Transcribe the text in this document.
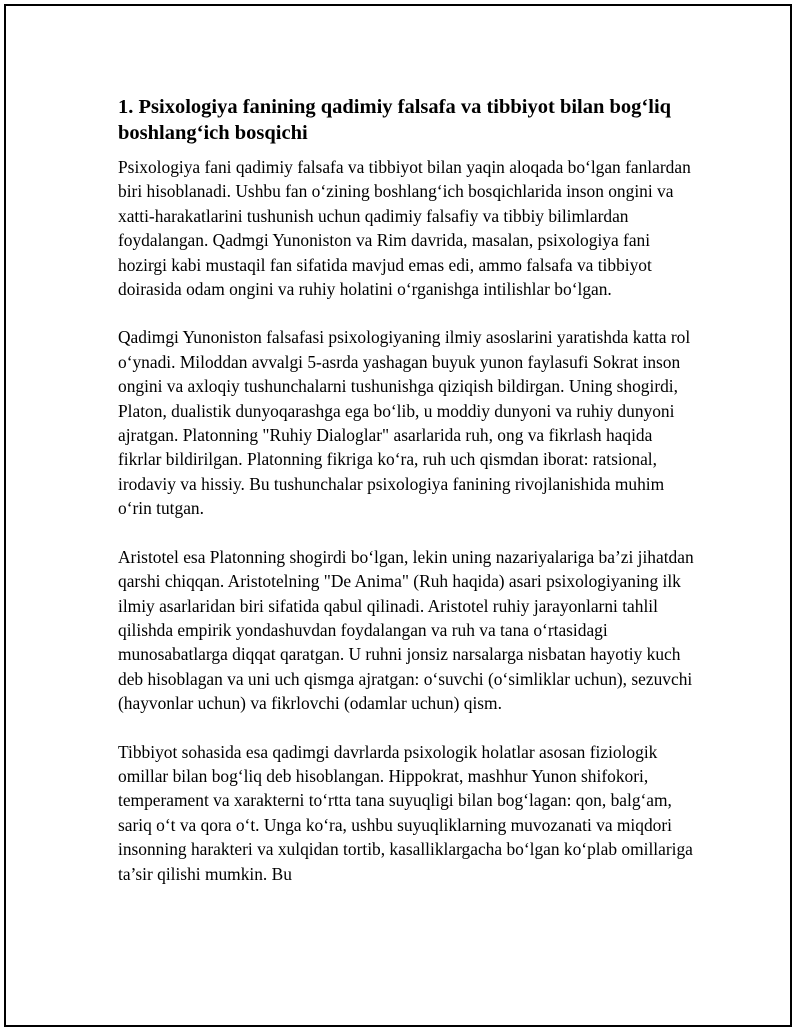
1. Psixologiya fanining qadimiy falsafa va tibbiyot bilan bog‘liq boshlang‘ich bosqichi

Psixologiya fani qadimiy falsafa va tibbiyot bilan yaqin aloqada bo‘lgan fanlardan biri hisoblanadi. Ushbu fan o‘zining boshlang‘ich bosqichlarida inson ongini va xatti-harakatlarini tushunish uchun qadimiy falsafiy va tibbiy bilimlardan foydalangan. Qadmgi Yunoniston va Rim davrida, masalan, psixologiya fani hozirgi kabi mustaqil fan sifatida mavjud emas edi, ammo falsafa va tibbiyot doirasida odam ongini va ruhiy holatini o‘rganishga intilishlar bo‘lgan.

Qadimgi Yunoniston falsafasi psixologiyaning ilmiy asoslarini yaratishda katta rol o‘ynadi. Miloddan avvalgi 5-asrda yashagan buyuk yunon faylasufi Sokrat inson ongini va axloqiy tushunchalarni tushunishga qiziqish bildirgan. Uning shogirdi, Platon, dualistik dunyoqarashga ega bo‘lib, u moddiy dunyoni va ruhiy dunyoni ajratgan. Platonning "Ruhiy Dialoglar" asarlarida ruh, ong va fikrlash haqida fikrlar bildirilgan. Platonning fikriga ko‘ra, ruh uch qismdan iborat: ratsional, irodaviy va hissiy. Bu tushunchalar psixologiya fanining rivojlanishida muhim o‘rin tutgan.

Aristotel esa Platonning shogirdi bo‘lgan, lekin uning nazariyalariga ba’zi jihatdan qarshi chiqqan. Aristotelning "De Anima" (Ruh haqida) asari psixologiyaning ilk ilmiy asarlaridan biri sifatida qabul qilinadi. Aristotel ruhiy jarayonlarni tahlil qilishda empirik yondashuvdan foydalangan va ruh va tana o‘rtasidagi munosabatlarga diqqat qaratgan. U ruhni jonsiz narsalarga nisbatan hayotiy kuch deb hisoblagan va uni uch qismga ajratgan: o‘suvchi (o‘simliklar uchun), sezuvchi (hayvonlar uchun) va fikrlovchi (odamlar uchun) qism.

Tibbiyot sohasida esa qadimgi davrlarda psixologik holatlar asosan fiziologik omillar bilan bog‘liq deb hisoblangan. Hippokrat, mashhur Yunon shifokori, temperament va xarakterni to‘rtta tana suyuqligi bilan bog‘lagan: qon, balg‘am, sariq o‘t va qora o‘t. Unga ko‘ra, ushbu suyuqliklarning muvozanati va miqdori insonning harakteri va xulqidan tortib, kasalliklargacha bo‘lgan ko‘plab omillariga ta’sir qilishi mumkin. Bu
